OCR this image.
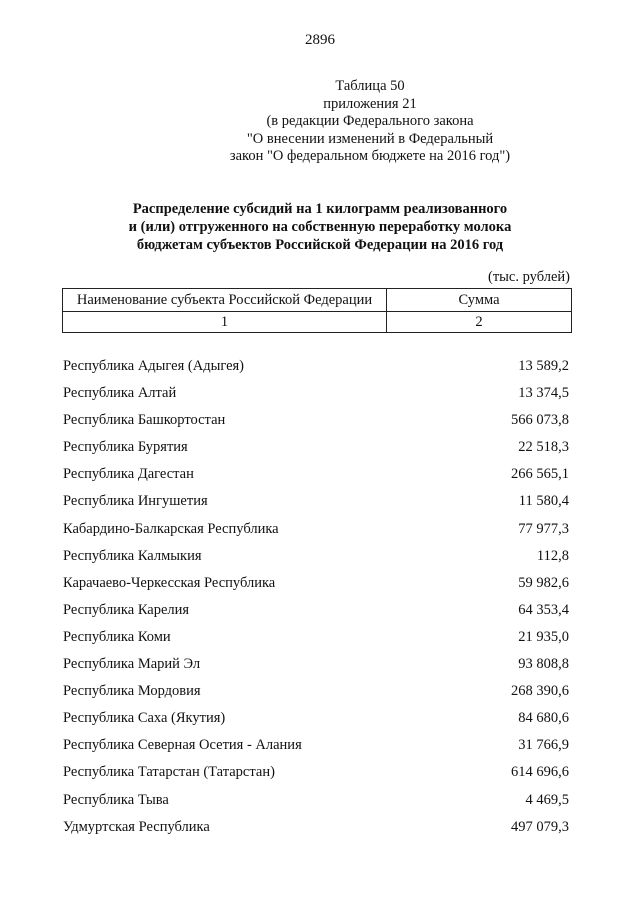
2896
Таблица 50
приложения 21
(в редакции Федерального закона
"О внесении изменений в Федеральный
закон "О федеральном бюджете на 2016 год")
Распределение субсидий на 1 килограмм реализованного
и (или) отгруженного на собственную переработку молока
бюджетам субъектов Российской Федерации на 2016 год
(тыс. рублей)
Наименование субъекта Российской Федерации	Сумма
1	2
Республика Адыгея (Адыгея)	13 589,2
Республика Алтай	13 374,5
Республика Башкортостан	566 073,8
Республика Бурятия	22 518,3
Республика Дагестан	266 565,1
Республика Ингушетия	11 580,4
Кабардино-Балкарская Республика	77 977,3
Республика Калмыкия	112,8
Карачаево-Черкесская Республика	59 982,6
Республика Карелия	64 353,4
Республика Коми	21 935,0
Республика Марий Эл	93 808,8
Республика Мордовия	268 390,6
Республика Саха (Якутия)	84 680,6
Республика Северная Осетия - Алания	31 766,9
Республика Татарстан (Татарстан)	614 696,6
Республика Тыва	4 469,5
Удмуртская Республика	497 079,3
